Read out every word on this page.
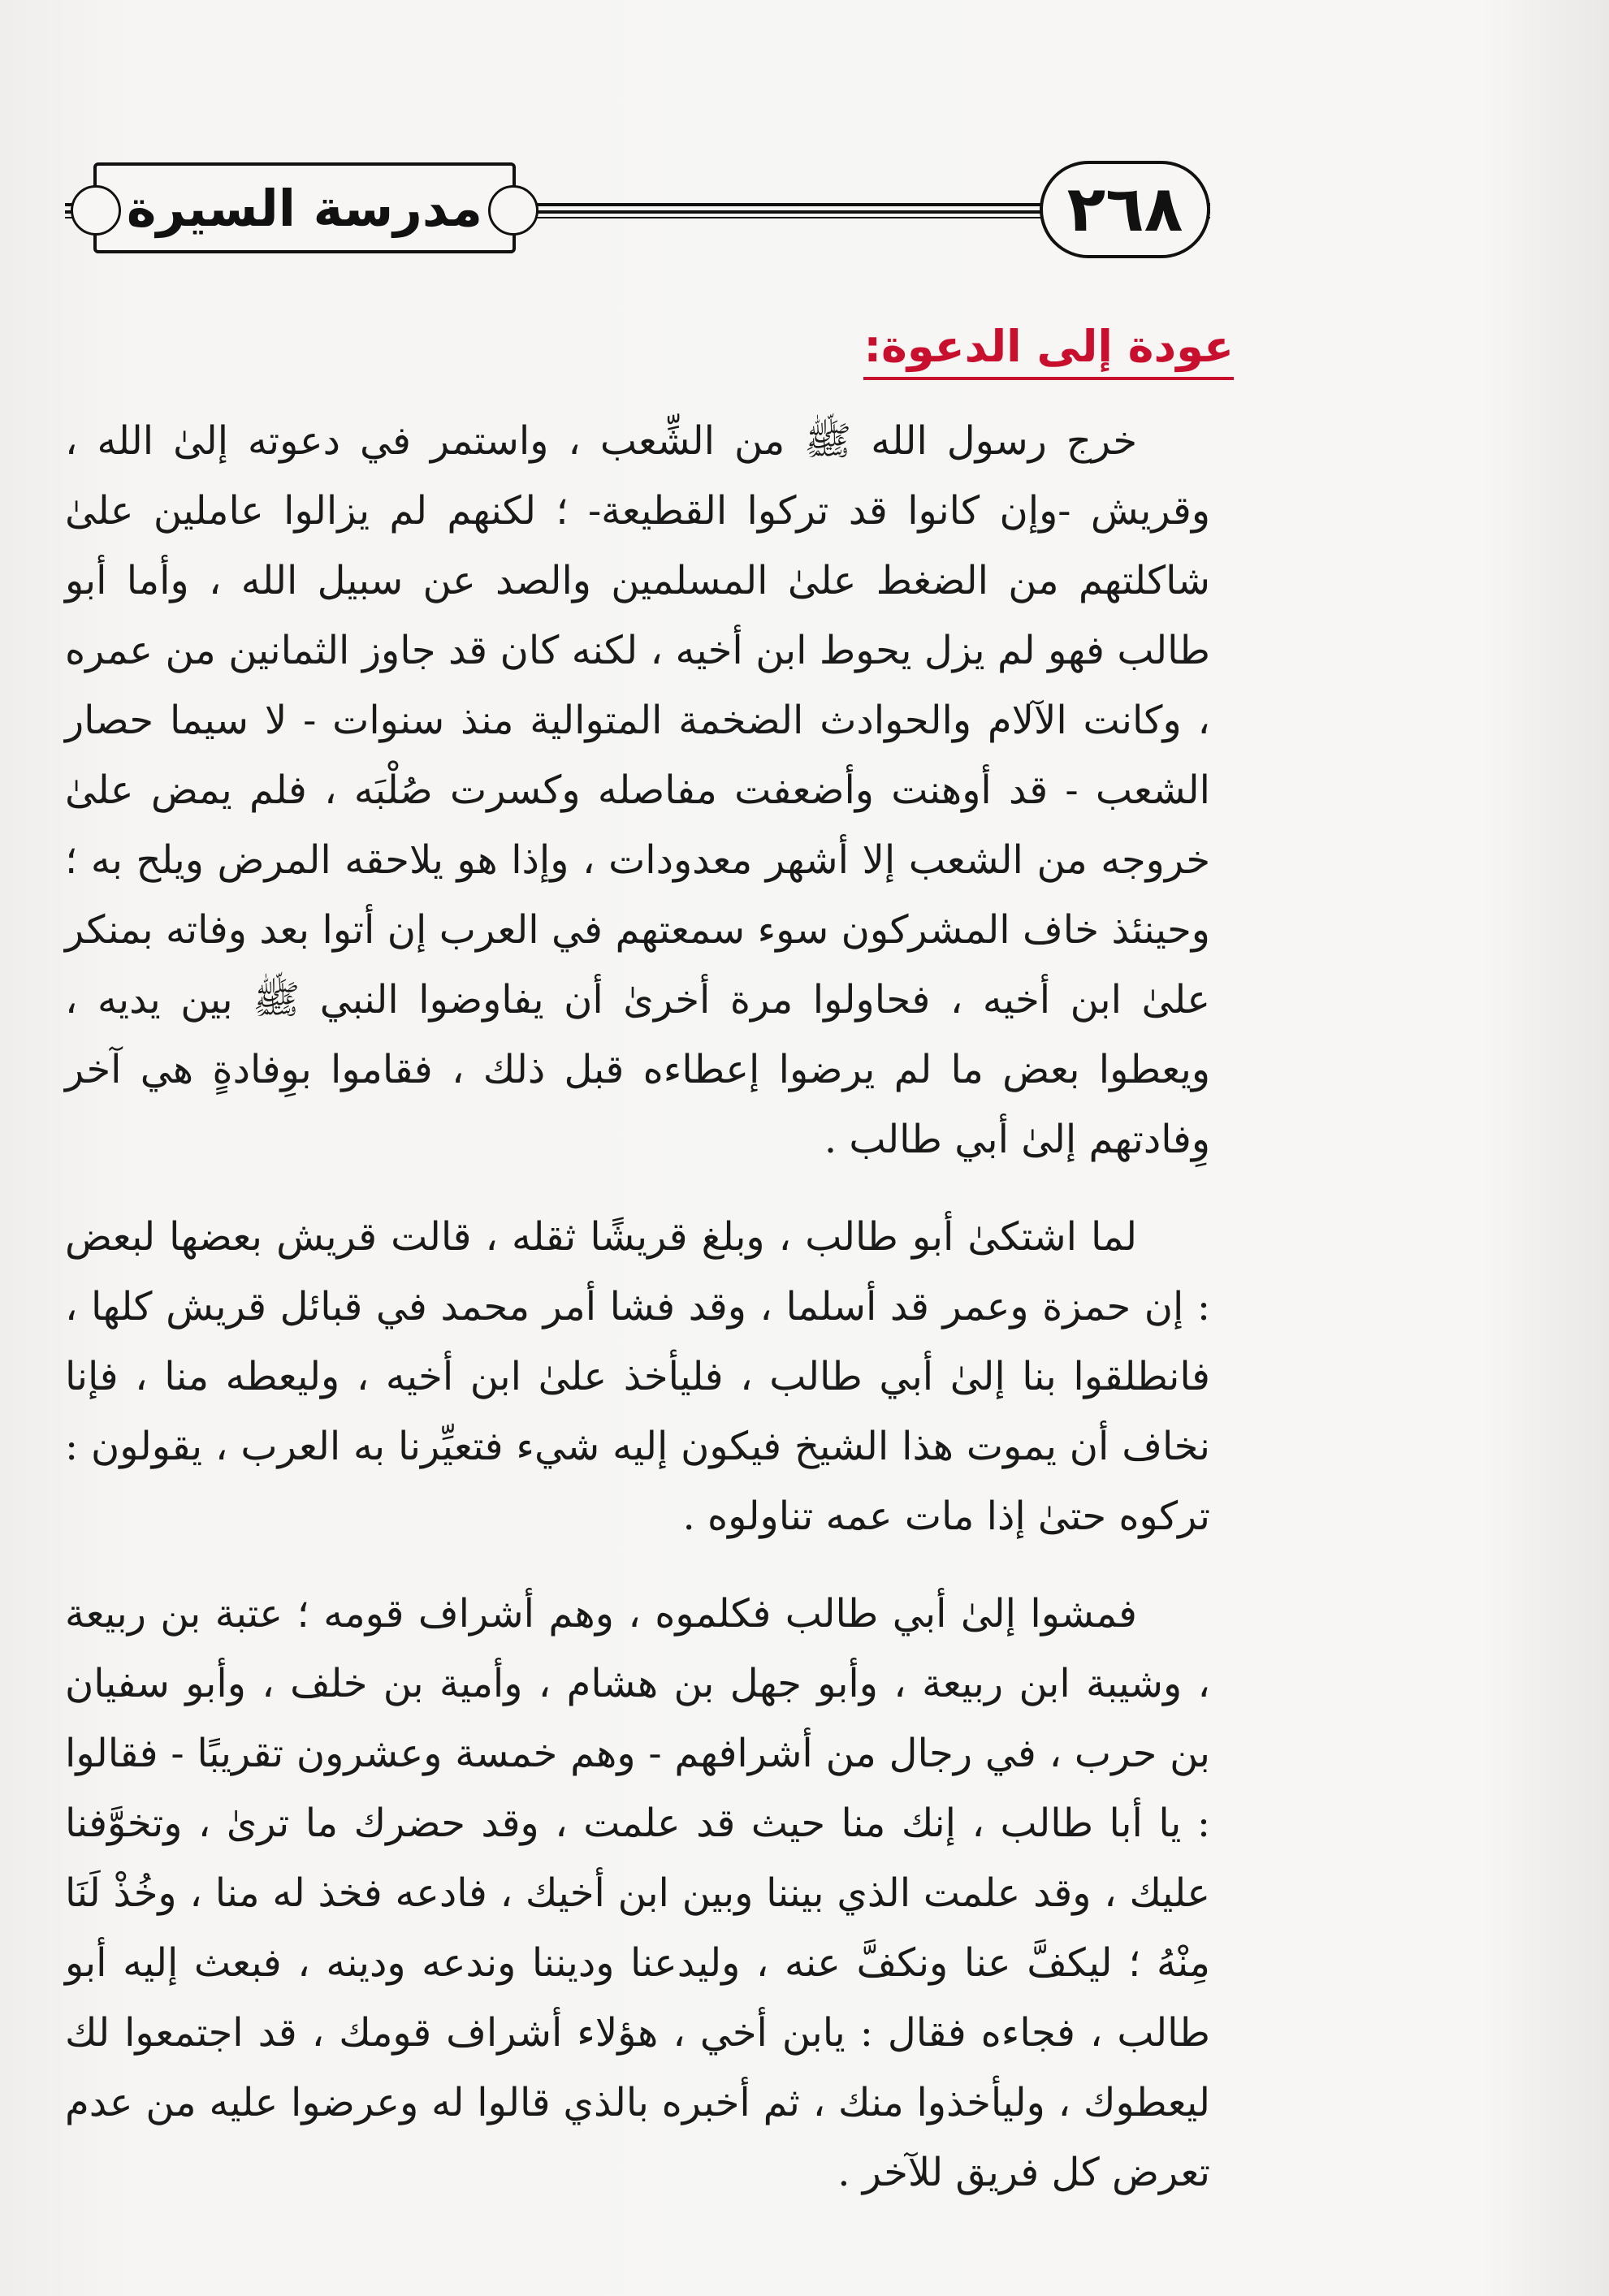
مدرسة السيرة	٢٦٨
عودة إلى الدعوة:

خرج رسول الله ﷺ من الشِّعب ، واستمر في دعوته إلىٰ الله ، وقريش -وإن كانوا قد تركوا القطيعة- ؛ لكنهم لم يزالوا عاملين علىٰ شاكلتهم من الضغط علىٰ المسلمين والصد عن سبيل الله ، وأما أبو طالب فهو لم يزل يحوط ابن أخيه ، لكنه كان قد جاوز الثمانين من عمره ، وكانت الآلام والحوادث الضخمة المتوالية منذ سنوات - لا سيما حصار الشعب - قد أوهنت وأضعفت مفاصله وكسرت صُلْبَه ، فلم يمض علىٰ خروجه من الشعب إلا أشهر معدودات ، وإذا هو يلاحقه المرض ويلح به ؛ وحينئذ خاف المشركون سوء سمعتهم في العرب إن أتوا بعد وفاته بمنكر علىٰ ابن أخيه ، فحاولوا مرة أخرىٰ أن يفاوضوا النبي ﷺ بين يديه ، ويعطوا بعض ما لم يرضوا إعطاءه قبل ذلك ، فقاموا بوِفادةٍ هي آخر وِفادتهم إلىٰ أبي طالب .

لما اشتكىٰ أبو طالب ، وبلغ قريشًا ثقله ، قالت قريش بعضها لبعض : إن حمزة وعمر قد أسلما ، وقد فشا أمر محمد في قبائل قريش كلها ، فانطلقوا بنا إلىٰ أبي طالب ، فليأخذ علىٰ ابن أخيه ، وليعطه منا ، فإنا نخاف أن يموت هذا الشيخ فيكون إليه شيء فتعيِّرنا به العرب ، يقولون : تركوه حتىٰ إذا مات عمه تناولوه .

فمشوا إلىٰ أبي طالب فكلموه ، وهم أشراف قومه ؛ عتبة بن ربيعة ، وشيبة ابن ربيعة ، وأبو جهل بن هشام ، وأمية بن خلف ، وأبو سفيان بن حرب ، في رجال من أشرافهم - وهم خمسة وعشرون تقريبًا - فقالوا : يا أبا طالب ، إنك منا حيث قد علمت ، وقد حضرك ما ترىٰ ، وتخوَّفنا عليك ، وقد علمت الذي بيننا وبين ابن أخيك ، فادعه فخذ له منا ، وخُذْ لَنَا مِنْهُ ؛ ليكفَّ عنا ونكفَّ عنه ، وليدعنا وديننا وندعه ودينه ، فبعث إليه أبو طالب ، فجاءه فقال : يابن أخي ، هؤلاء أشراف قومك ، قد اجتمعوا لك ليعطوك ، وليأخذوا منك ، ثم أخبره بالذي قالوا له وعرضوا عليه من عدم تعرض كل فريق للآخر .
